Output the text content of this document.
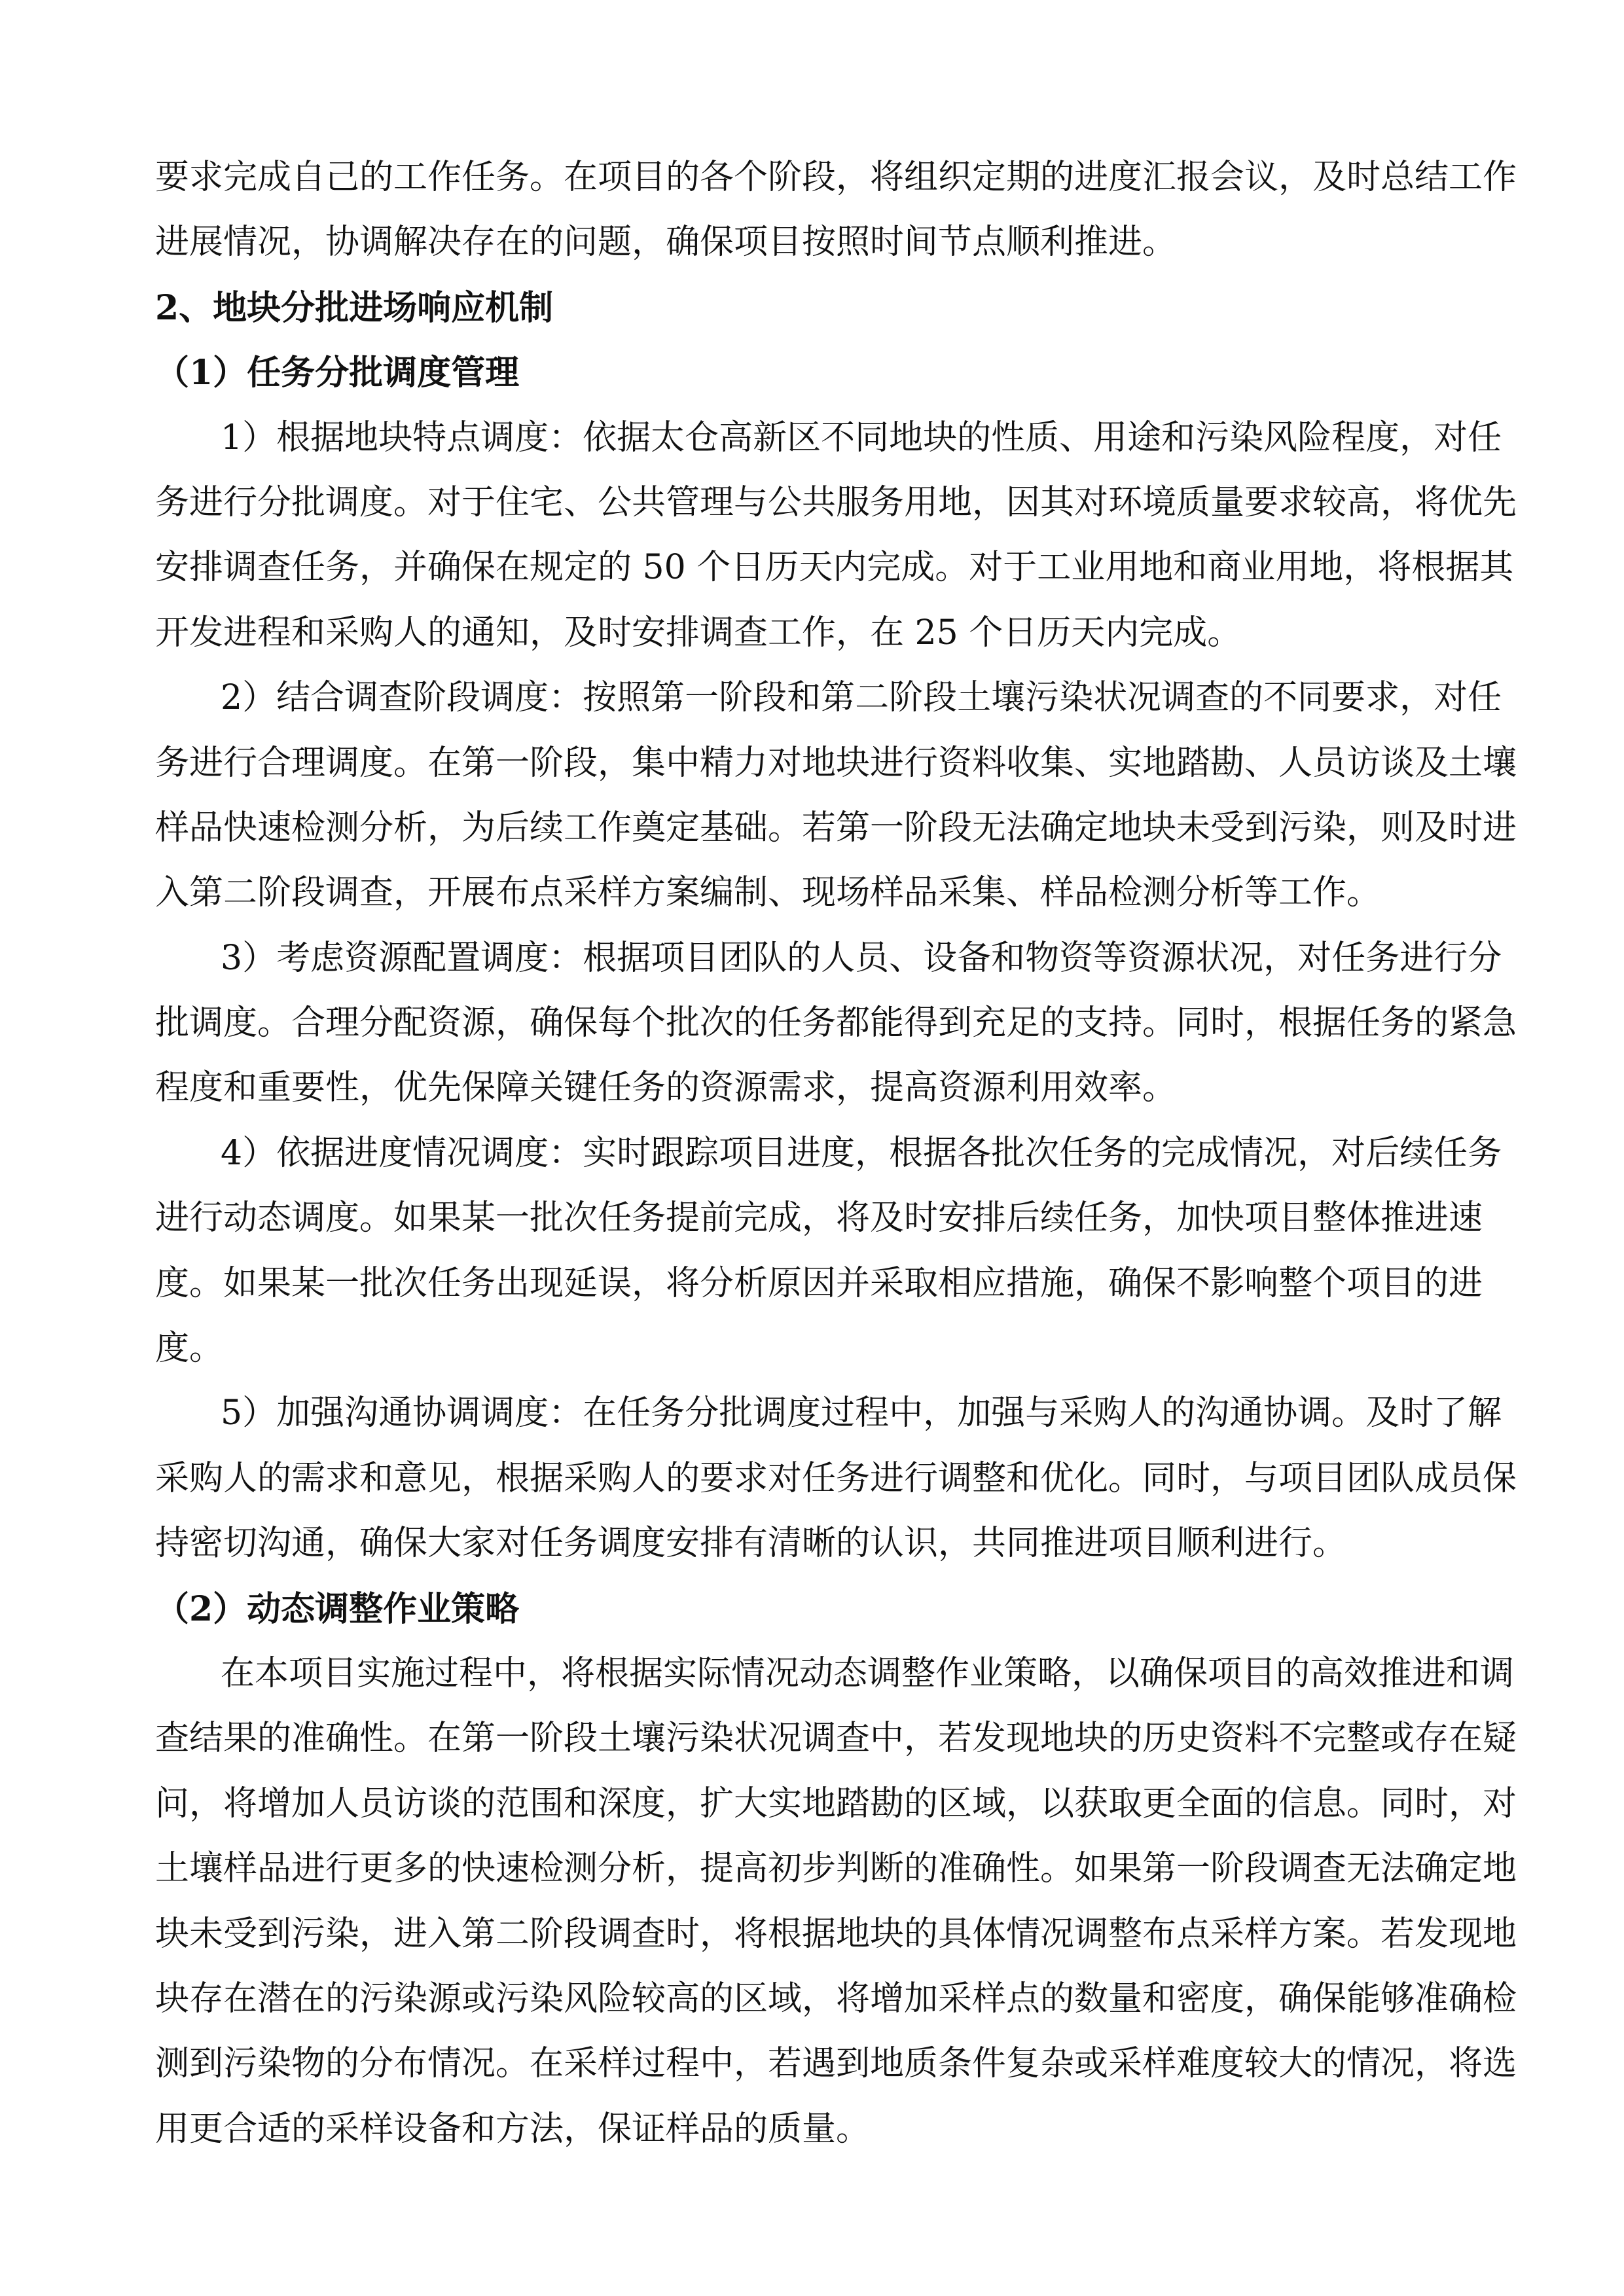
要求完成自己的工作任务。在项目的各个阶段，将组织定期的进度汇报会议，及时总结工作
进展情况，协调解决存在的问题，确保项目按照时间节点顺利推进。
2、地块分批进场响应机制
（1）任务分批调度管理
1）根据地块特点调度：依据太仓高新区不同地块的性质、用途和污染风险程度，对任
务进行分批调度。对于住宅、公共管理与公共服务用地，因其对环境质量要求较高，将优先
安排调查任务，并确保在规定的 50 个日历天内完成。对于工业用地和商业用地，将根据其
开发进程和采购人的通知，及时安排调查工作，在 25 个日历天内完成。
2）结合调查阶段调度：按照第一阶段和第二阶段土壤污染状况调查的不同要求，对任
务进行合理调度。在第一阶段，集中精力对地块进行资料收集、实地踏勘、人员访谈及土壤
样品快速检测分析，为后续工作奠定基础。若第一阶段无法确定地块未受到污染，则及时进
入第二阶段调查，开展布点采样方案编制、现场样品采集、样品检测分析等工作。
3）考虑资源配置调度：根据项目团队的人员、设备和物资等资源状况，对任务进行分
批调度。合理分配资源，确保每个批次的任务都能得到充足的支持。同时，根据任务的紧急
程度和重要性，优先保障关键任务的资源需求，提高资源利用效率。
4）依据进度情况调度：实时跟踪项目进度，根据各批次任务的完成情况，对后续任务
进行动态调度。如果某一批次任务提前完成，将及时安排后续任务，加快项目整体推进速
度。如果某一批次任务出现延误，将分析原因并采取相应措施，确保不影响整个项目的进
度。
5）加强沟通协调调度：在任务分批调度过程中，加强与采购人的沟通协调。及时了解
采购人的需求和意见，根据采购人的要求对任务进行调整和优化。同时，与项目团队成员保
持密切沟通，确保大家对任务调度安排有清晰的认识，共同推进项目顺利进行。
（2）动态调整作业策略
在本项目实施过程中，将根据实际情况动态调整作业策略，以确保项目的高效推进和调
查结果的准确性。在第一阶段土壤污染状况调查中，若发现地块的历史资料不完整或存在疑
问，将增加人员访谈的范围和深度，扩大实地踏勘的区域，以获取更全面的信息。同时，对
土壤样品进行更多的快速检测分析，提高初步判断的准确性。如果第一阶段调查无法确定地
块未受到污染，进入第二阶段调查时，将根据地块的具体情况调整布点采样方案。若发现地
块存在潜在的污染源或污染风险较高的区域，将增加采样点的数量和密度，确保能够准确检
测到污染物的分布情况。在采样过程中，若遇到地质条件复杂或采样难度较大的情况，将选
用更合适的采样设备和方法，保证样品的质量。
